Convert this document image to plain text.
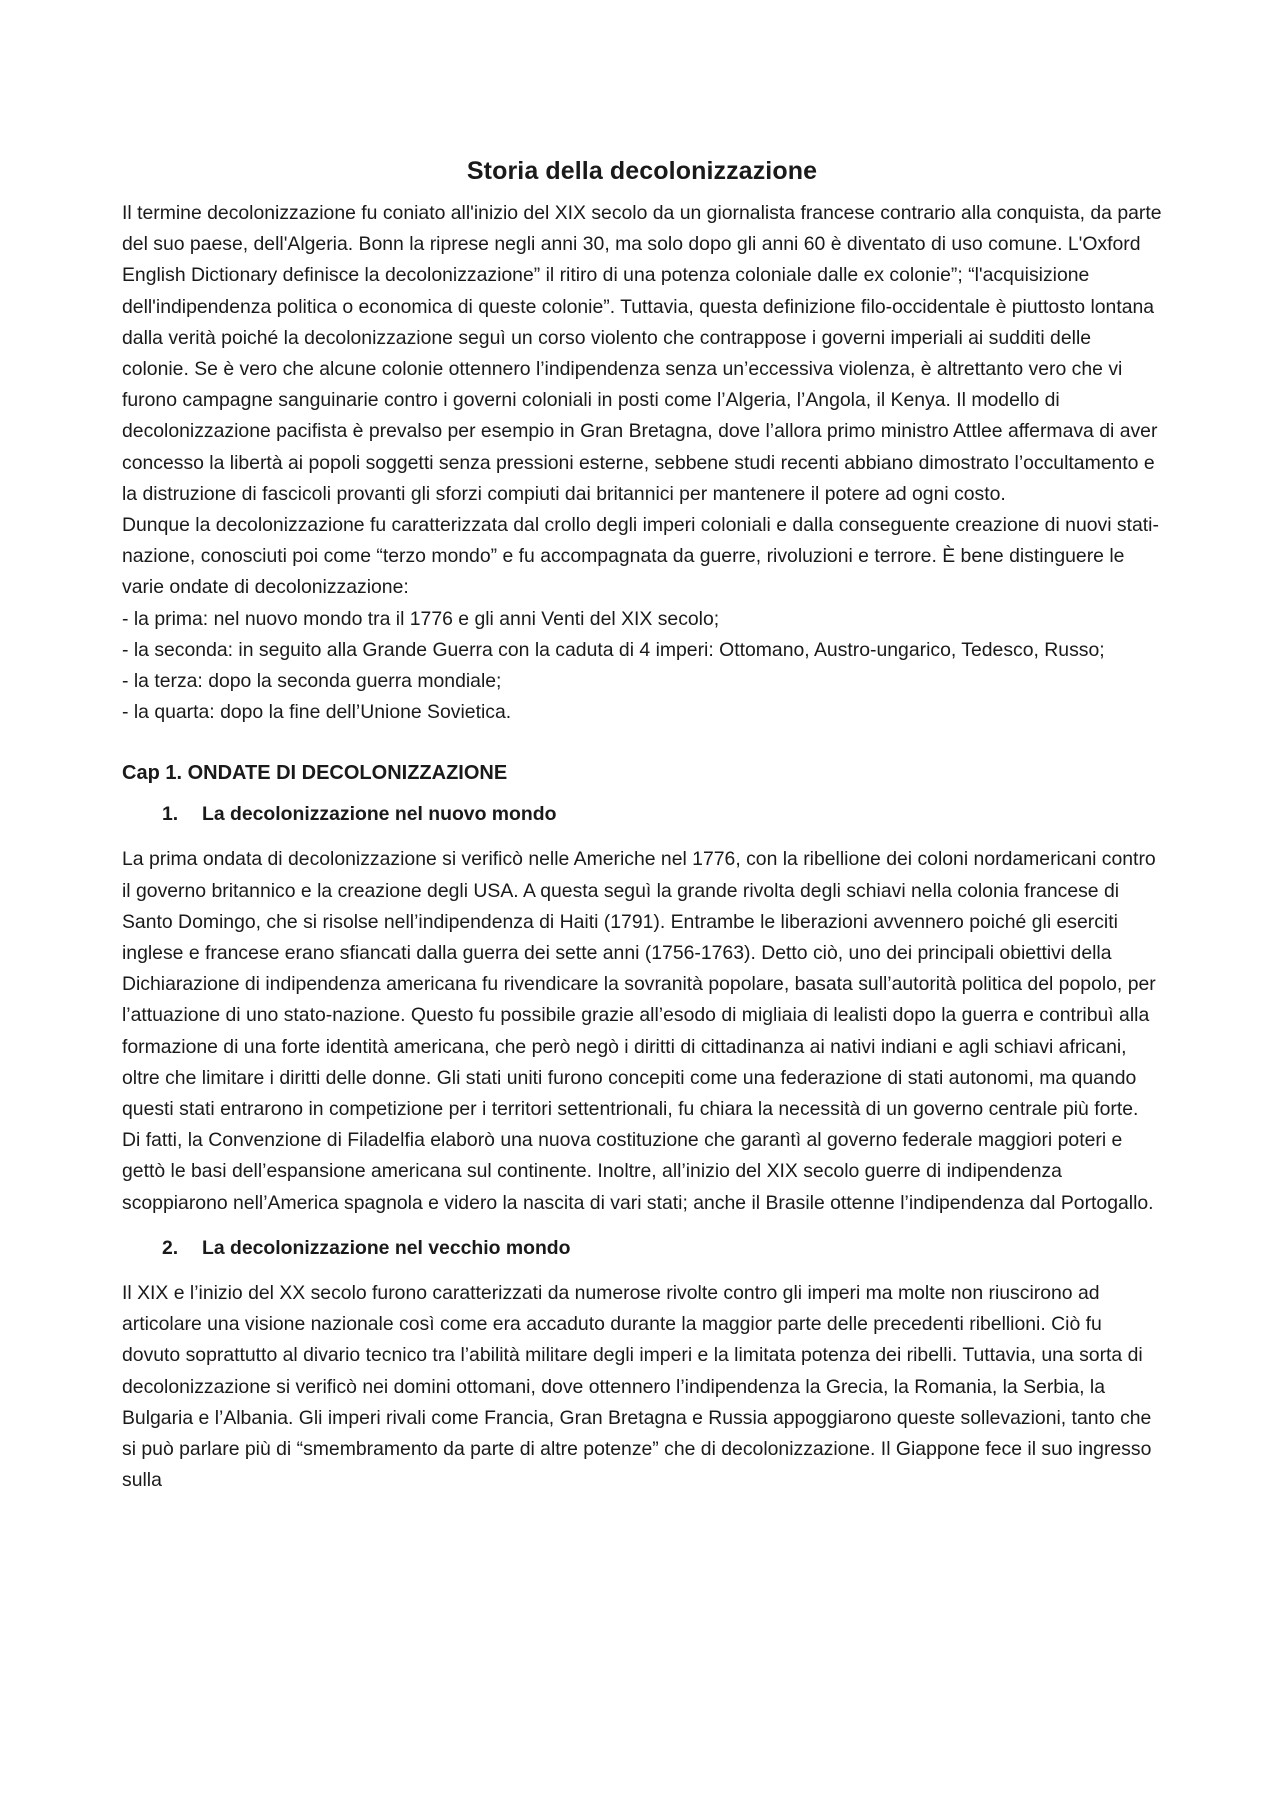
Storia della decolonizzazione

Il termine decolonizzazione fu coniato all'inizio del XIX secolo da un giornalista francese contrario alla conquista, da parte del suo paese, dell'Algeria. Bonn la riprese negli anni 30, ma solo dopo gli anni 60 è diventato di uso comune. L'Oxford English Dictionary definisce la decolonizzazione” il ritiro di una potenza coloniale dalle ex colonie”; “l'acquisizione dell'indipendenza politica o economica di queste colonie”. Tuttavia, questa definizione filo-occidentale è piuttosto lontana dalla verità poiché la decolonizzazione seguì un corso violento che contrappose i governi imperiali ai sudditi delle colonie. Se è vero che alcune colonie ottennero l’indipendenza senza un’eccessiva violenza, è altrettanto vero che vi furono campagne sanguinarie contro i governi coloniali in posti come l’Algeria, l’Angola, il Kenya. Il modello di decolonizzazione pacifista è prevalso per esempio in Gran Bretagna, dove l’allora primo ministro Attlee affermava di aver concesso la libertà ai popoli soggetti senza pressioni esterne, sebbene studi recenti abbiano dimostrato l’occultamento e la distruzione di fascicoli provanti gli sforzi compiuti dai britannici per mantenere il potere ad ogni costo.

Dunque la decolonizzazione fu caratterizzata dal crollo degli imperi coloniali e dalla conseguente creazione di nuovi stati-nazione, conosciuti poi come “terzo mondo” e fu accompagnata da guerre, rivoluzioni e terrore. È bene distinguere le varie ondate di decolonizzazione:

- la prima: nel nuovo mondo tra il 1776 e gli anni Venti del XIX secolo;
- la seconda: in seguito alla Grande Guerra con la caduta di 4 imperi: Ottomano, Austro-ungarico, Tedesco, Russo;
- la terza: dopo la seconda guerra mondiale;
- la quarta: dopo la fine dell’Unione Sovietica.
Cap 1. ONDATE DI DECOLONIZZAZIONE
1.	La decolonizzazione nel nuovo mondo

La prima ondata di decolonizzazione si verificò nelle Americhe nel 1776, con la ribellione dei coloni nordamericani contro il governo britannico e la creazione degli USA. A questa seguì la grande rivolta degli schiavi nella colonia francese di Santo Domingo, che si risolse nell’indipendenza di Haiti (1791). Entrambe le liberazioni avvennero poiché gli eserciti inglese e francese erano sfiancati dalla guerra dei sette anni (1756-1763). Detto ciò, uno dei principali obiettivi della Dichiarazione di indipendenza americana fu rivendicare la sovranità popolare, basata sull’autorità politica del popolo, per l’attuazione di uno stato-nazione. Questo fu possibile grazie all’esodo di migliaia di lealisti dopo la guerra e contribuì alla formazione di una forte identità americana, che però negò i diritti di cittadinanza ai nativi indiani e agli schiavi africani, oltre che limitare i diritti delle donne. Gli stati uniti furono concepiti come una federazione di stati autonomi, ma quando questi stati entrarono in competizione per i territori settentrionali, fu chiara la necessità di un governo centrale più forte. Di fatti, la Convenzione di Filadelfia elaborò una nuova costituzione che garantì al governo federale maggiori poteri e gettò le basi dell’espansione americana sul continente. Inoltre, all’inizio del XIX secolo guerre di indipendenza scoppiarono nell’America spagnola e videro la nascita di vari stati; anche il Brasile ottenne l’indipendenza dal Portogallo.

2.	La decolonizzazione nel vecchio mondo

Il XIX e l’inizio del XX secolo furono caratterizzati da numerose rivolte contro gli imperi ma molte non riuscirono ad articolare una visione nazionale così come era accaduto durante la maggior parte delle precedenti ribellioni. Ciò fu dovuto soprattutto al divario tecnico tra l’abilità militare degli imperi e la limitata potenza dei ribelli. Tuttavia, una sorta di decolonizzazione si verificò nei domini ottomani, dove ottennero l’indipendenza la Grecia, la Romania, la Serbia, la Bulgaria e l’Albania. Gli imperi rivali come Francia, Gran Bretagna e Russia appoggiarono queste sollevazioni, tanto che si può parlare più di “smembramento da parte di altre potenze” che di decolonizzazione. Il Giappone fece il suo ingresso sulla
